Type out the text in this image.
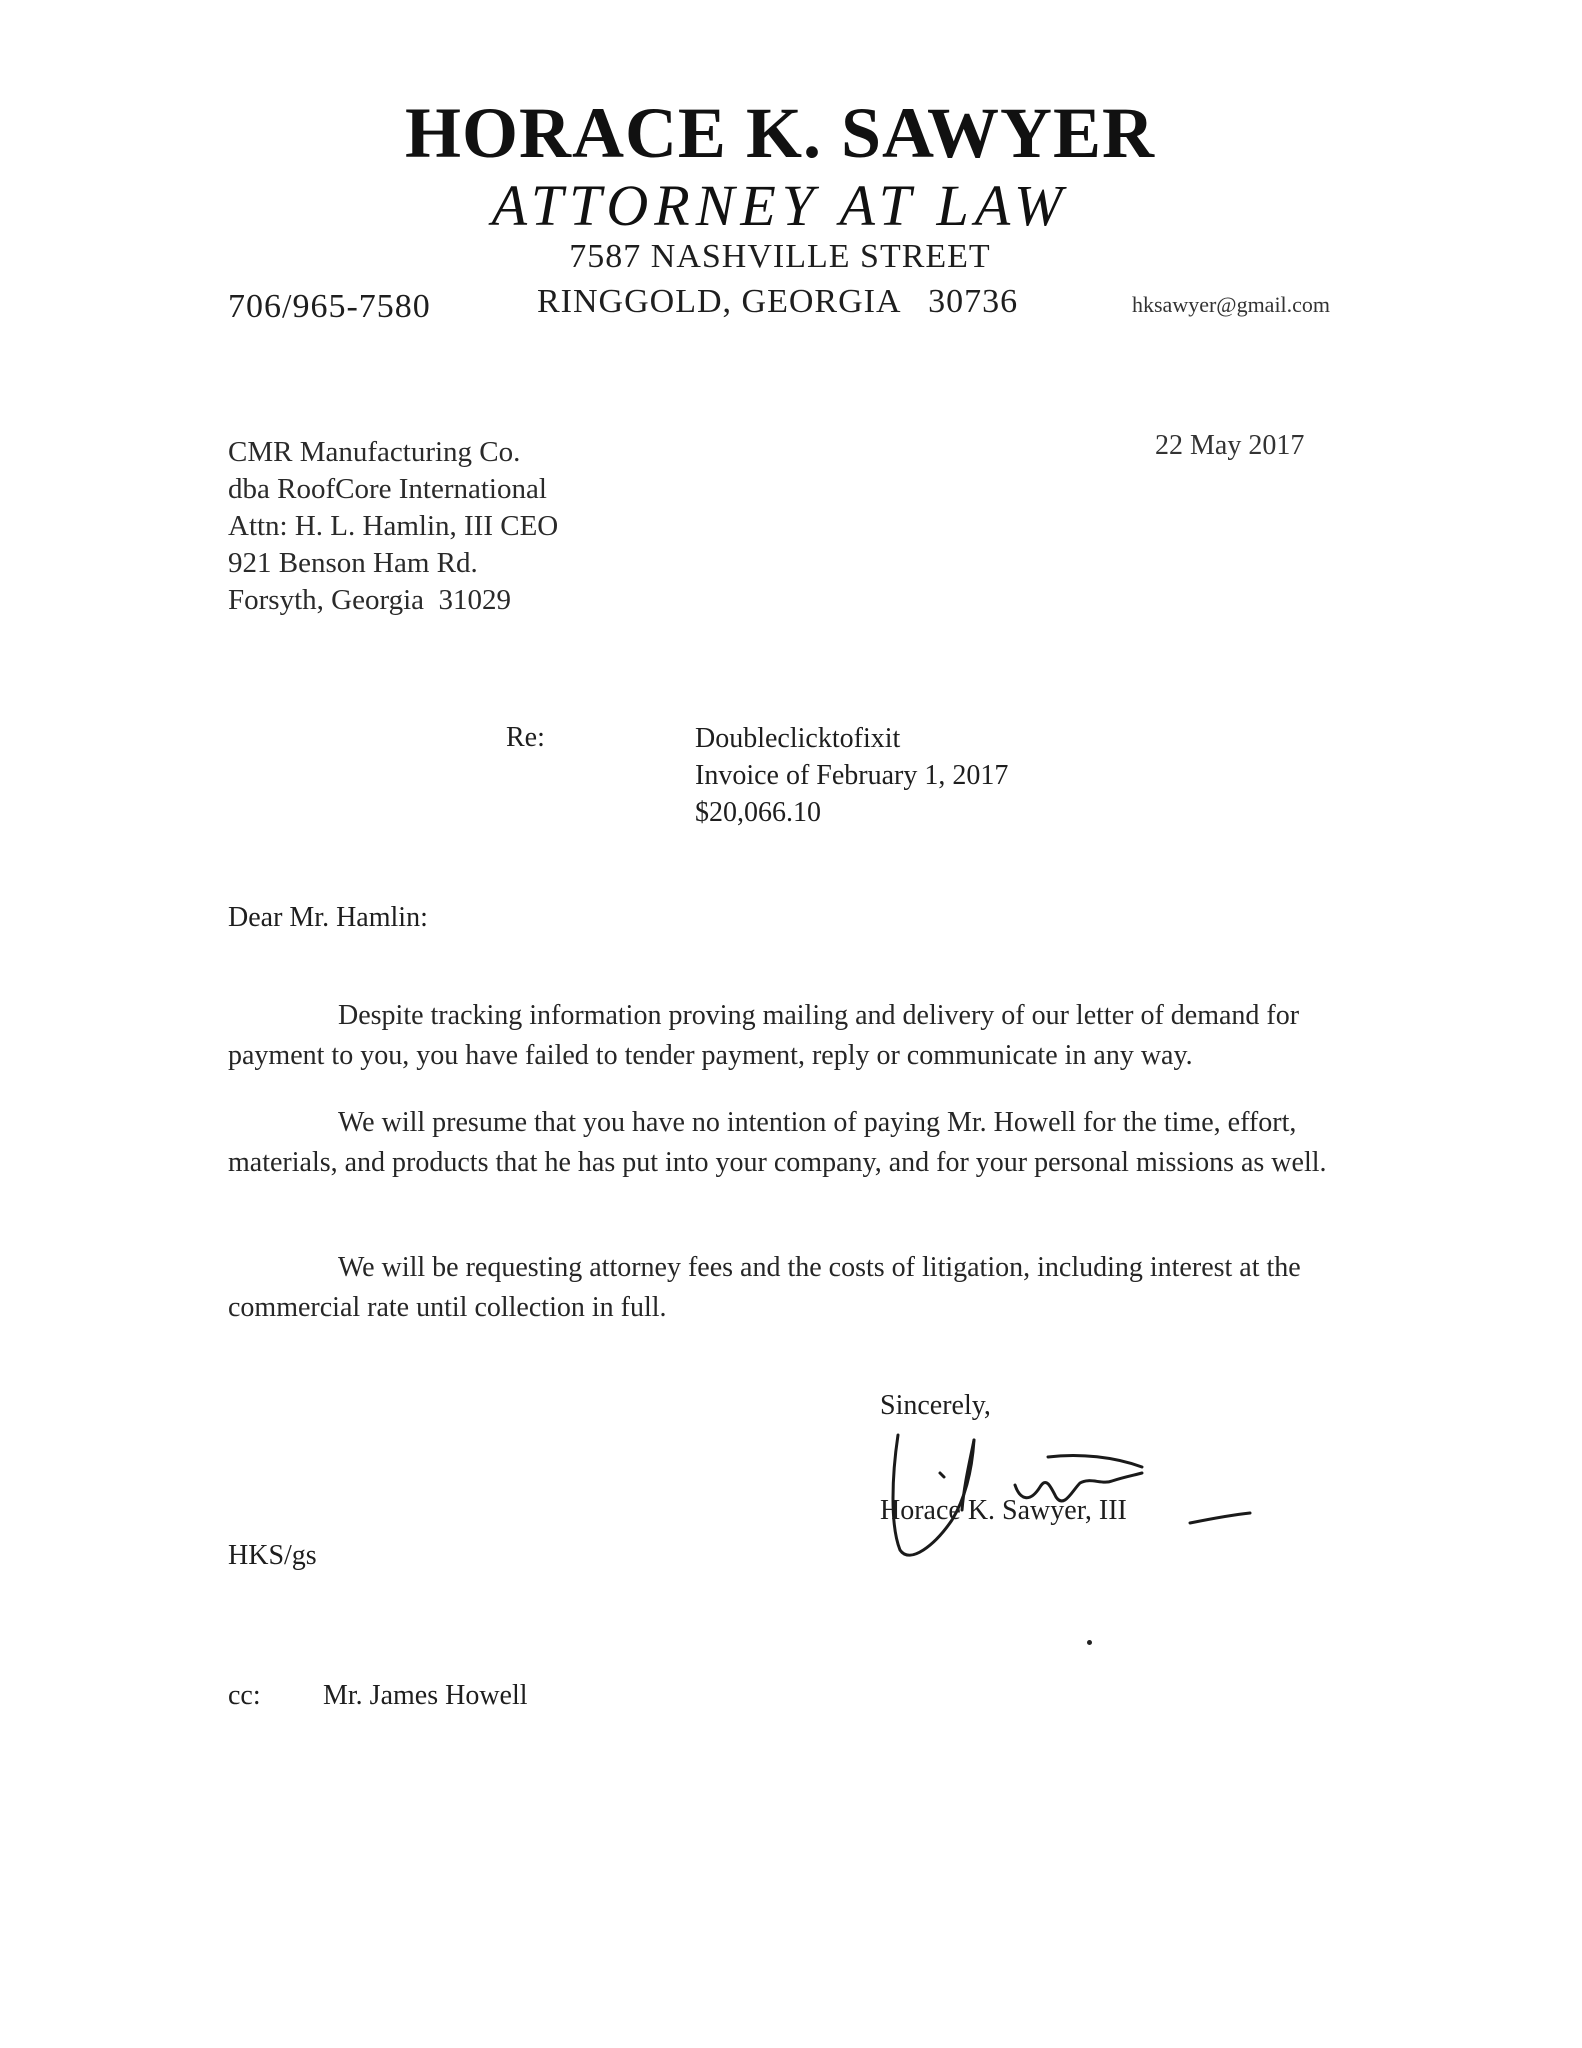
HORACE K. SAWYER
ATTORNEY AT LAW
7587 NASHVILLE STREET
706/965-7580	RINGGOLD, GEORGIA   30736	hksawyer@gmail.com
22 May 2017
CMR Manufacturing Co.
dba RoofCore International
Attn: H. L. Hamlin, III CEO
921 Benson Ham Rd.
Forsyth, Georgia  31029
Re:	Doubleclicktofixit
Invoice of February 1, 2017
$20,066.10
Dear Mr. Hamlin:
Despite tracking information proving mailing and delivery of our letter of demand for payment to you, you have failed to tender payment, reply or communicate in any way.
We will presume that you have no intention of paying Mr. Howell for the time, effort, materials, and products that he has put into your company, and for your personal missions as well.
We will be requesting attorney fees and the costs of litigation, including interest at the commercial rate until collection in full.
Sincerely,
Horace K. Sawyer, III
HKS/gs
cc: Mr. James Howell
